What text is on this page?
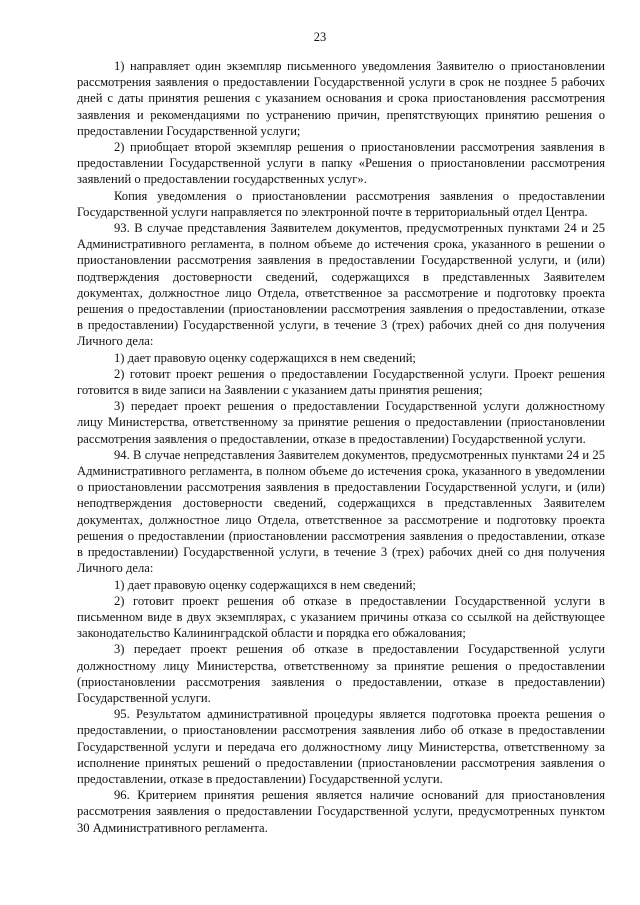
23

1) направляет один экземпляр письменного уведомления Заявителю о приостановлении рассмотрения заявления о предоставлении Государственной услуги в срок не позднее 5 рабочих дней с даты принятия решения с указанием основания и срока приостановления рассмотрения заявления и рекомендациями по устранению причин, препятствующих принятию решения о предоставлении Государственной услуги;

2) приобщает второй экземпляр решения о приостановлении рассмотрения заявления в предоставлении Государственной услуги в папку «Решения о приостановлении рассмотрения заявлений о предоставлении государственных услуг».

Копия уведомления о приостановлении рассмотрения заявления о предоставлении Государственной услуги направляется по электронной почте в территориальный отдел Центра.

93. В случае представления Заявителем документов, предусмотренных пунктами 24 и 25 Административного регламента, в полном объеме до истечения срока, указанного в решении о приостановлении рассмотрения заявления в предоставлении Государственной услуги, и (или) подтверждения достоверности сведений, содержащихся в представленных Заявителем документах, должностное лицо Отдела, ответственное за рассмотрение и подготовку проекта решения о предоставлении (приостановлении рассмотрения заявления о предоставлении, отказе в предоставлении) Государственной услуги, в течение 3 (трех) рабочих дней со дня получения Личного дела:

1) дает правовую оценку содержащихся в нем сведений;

2) готовит проект решения о предоставлении Государственной услуги. Проект решения готовится в виде записи на Заявлении с указанием даты принятия решения;

3) передает проект решения о предоставлении Государственной услуги должностному лицу Министерства, ответственному за принятие решения о предоставлении (приостановлении рассмотрения заявления о предоставлении, отказе в предоставлении) Государственной услуги.

94. В случае непредставления Заявителем документов, предусмотренных пунктами 24 и 25 Административного регламента, в полном объеме до истечения срока, указанного в уведомлении о приостановлении рассмотрения заявления в предоставлении Государственной услуги, и (или) неподтверждения достоверности сведений, содержащихся в представленных Заявителем документах, должностное лицо Отдела, ответственное за рассмотрение и подготовку проекта решения о предоставлении (приостановлении рассмотрения заявления о предоставлении, отказе в предоставлении) Государственной услуги, в течение 3 (трех) рабочих дней со дня получения Личного дела:

1) дает правовую оценку содержащихся в нем сведений;

2) готовит проект решения об отказе в предоставлении Государственной услуги в письменном виде в двух экземплярах, с указанием причины отказа со ссылкой на действующее законодательство Калининградской области и порядка его обжалования;

3) передает проект решения об отказе в предоставлении Государственной услуги должностному лицу Министерства, ответственному за принятие решения о предоставлении (приостановлении рассмотрения заявления о предоставлении, отказе в предоставлении) Государственной услуги.

95. Результатом административной процедуры является подготовка проекта решения о предоставлении, о приостановлении рассмотрения заявления либо об отказе в предоставлении Государственной услуги и передача его должностному лицу Министерства, ответственному за исполнение принятых решений о предоставлении (приостановлении рассмотрения заявления о предоставлении, отказе в предоставлении) Государственной услуги.

96. Критерием принятия решения является наличие оснований для приостановления рассмотрения заявления о предоставлении Государственной услуги, предусмотренных пунктом 30 Административного регламента.
